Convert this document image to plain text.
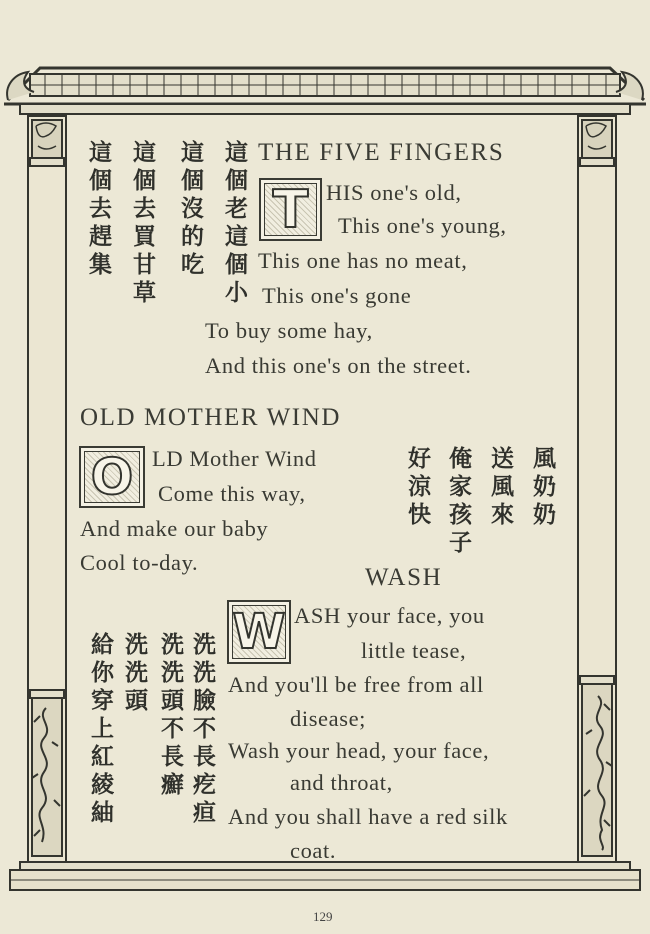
THE FIVE FINGERS
T HIS one's old,
This one's young,
This one has no meat,
This one's gone
To buy some hay,
And this one's on the street.
這個老這個小
這個沒的吃
這個去買甘草
這個去趕集
OLD MOTHER WIND
O LD Mother Wind
Come this way,
And make our baby
Cool to-day.
風奶奶
送風來
俺家孩子
好涼快
WASH
W ASH your face, you
little tease,
And you'll be free from all
disease;
Wash your head, your face,
and throat,
And you shall have a red silk
coat.
洗洗臉不長疙疸
洗洗頭不長癬
洗洗頭
給你穿上紅綾紬
129
